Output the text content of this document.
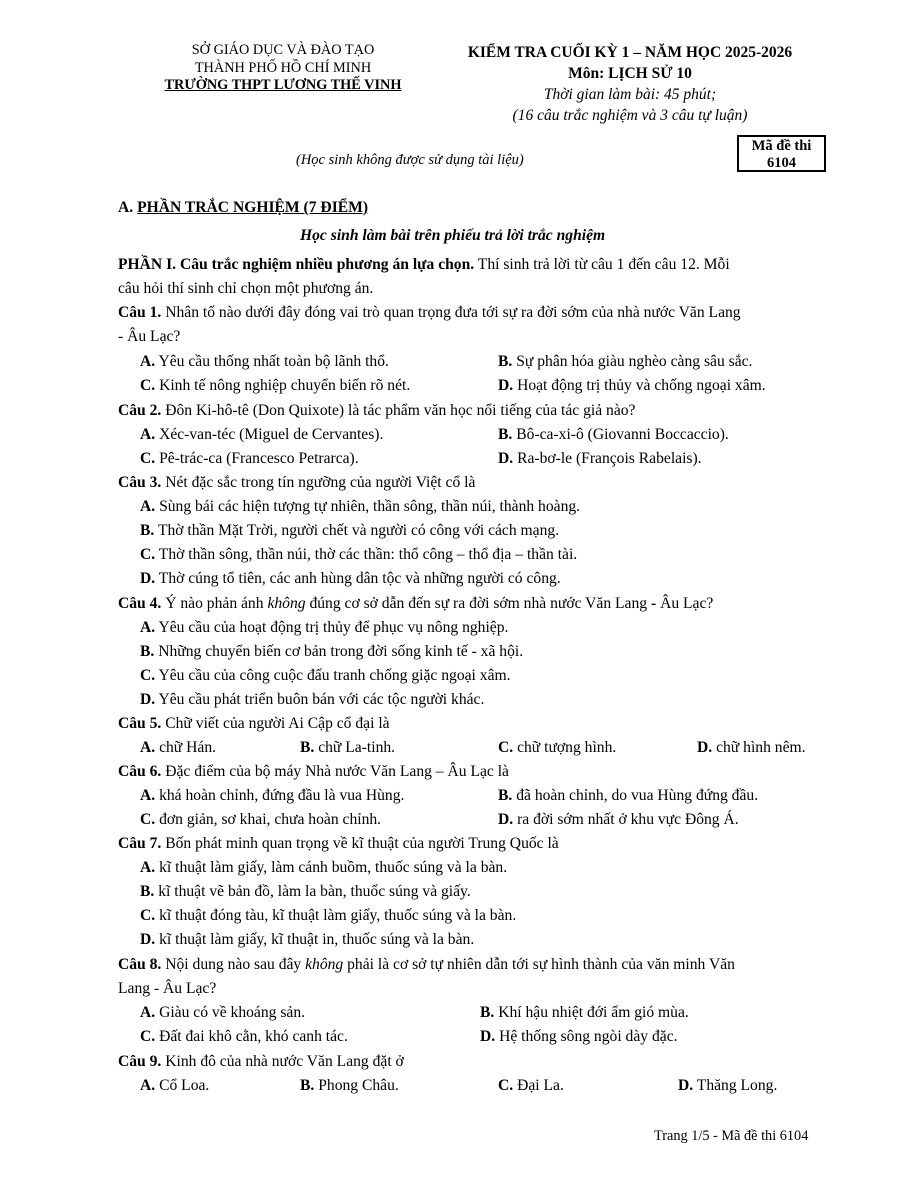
SỞ GIÁO DỤC VÀ ĐÀO TẠO
THÀNH PHỐ HỒ CHÍ MINH
TRƯỜNG THPT LƯƠNG THẾ VINH
KIỂM TRA CUỐI KỲ 1 – NĂM HỌC 2025-2026
Môn: LỊCH SỬ 10
Thời gian làm bài: 45 phút;
(16 câu trắc nghiệm và 3 câu tự luận)
(Học sinh không được sử dụng tài liệu)
Mã đề thi
6104
A. PHẦN TRẮC NGHIỆM (7 ĐIỂM)
Học sinh làm bài trên phiếu trả lời trắc nghiệm
PHẦN I. Câu trắc nghiệm nhiều phương án lựa chọn. Thí sinh trả lời từ câu 1 đến câu 12. Mỗi
câu hỏi thí sinh chỉ chọn một phương án.
Câu 1. Nhân tố nào dưới đây đóng vai trò quan trọng đưa tới sự ra đời sớm của nhà nước Văn Lang
- Âu Lạc?
A. Yêu cầu thống nhất toàn bộ lãnh thổ.	B. Sự phân hóa giàu nghèo càng sâu sắc.
C. Kinh tế nông nghiệp chuyển biến rõ nét.	D. Hoạt động trị thủy và chống ngoại xâm.
Câu 2. Đôn Ki-hô-tê (Don Quixote) là tác phẩm văn học nổi tiếng của tác giả nào?
A. Xéc-van-téc (Miguel de Cervantes).	B. Bô-ca-xi-ô (Giovanni Boccaccio).
C. Pê-trác-ca (Francesco Petrarca).	D. Ra-bơ-le (François Rabelais).
Câu 3. Nét đặc sắc trong tín ngưỡng của người Việt cổ là
A. Sùng bái các hiện tượng tự nhiên, thần sông, thần núi, thành hoàng.
B. Thờ thần Mặt Trời, người chết và người có công với cách mạng.
C. Thờ thần sông, thần núi, thờ các thần: thổ công – thổ địa – thần tài.
D. Thờ cúng tổ tiên, các anh hùng dân tộc và những người có công.
Câu 4. Ý nào phản ánh không đúng cơ sở dẫn đến sự ra đời sớm nhà nước Văn Lang - Âu Lạc?
A. Yêu cầu của hoạt động trị thủy để phục vụ nông nghiệp.
B. Những chuyển biến cơ bản trong đời sống kinh tế - xã hội.
C. Yêu cầu của công cuộc đấu tranh chống giặc ngoại xâm.
D. Yêu cầu phát triển buôn bán với các tộc người khác.
Câu 5. Chữ viết của người Ai Cập cổ đại là
A. chữ Hán.	B. chữ La-tinh.	C. chữ tượng hình.	D. chữ hình nêm.
Câu 6. Đặc điểm của bộ máy Nhà nước Văn Lang – Âu Lạc là
A. khá hoàn chỉnh, đứng đầu là vua Hùng.	B. đã hoàn chỉnh, do vua Hùng đứng đầu.
C. đơn giản, sơ khai, chưa hoàn chỉnh.	D. ra đời sớm nhất ở khu vực Đông Á.
Câu 7. Bốn phát minh quan trọng về kĩ thuật của người Trung Quốc là
A. kĩ thuật làm giấy, làm cánh buồm, thuốc súng và la bàn.
B. kĩ thuật vẽ bản đồ, làm la bàn, thuốc súng và giấy.
C. kĩ thuật đóng tàu, kĩ thuật làm giấy, thuốc súng và la bàn.
D. kĩ thuật làm giấy, kĩ thuật in, thuốc súng và la bàn.
Câu 8. Nội dung nào sau đây không phải là cơ sở tự nhiên dẫn tới sự hình thành của văn minh Văn
Lang - Âu Lạc?
A. Giàu có về khoáng sản.	B. Khí hậu nhiệt đới ẩm gió mùa.
C. Đất đai khô cằn, khó canh tác.	D. Hệ thống sông ngòi dày đặc.
Câu 9. Kinh đô của nhà nước Văn Lang đặt ở
A. Cổ Loa.	B. Phong Châu.	C. Đại La.	D. Thăng Long.
Trang 1/5 - Mã đề thi 6104
